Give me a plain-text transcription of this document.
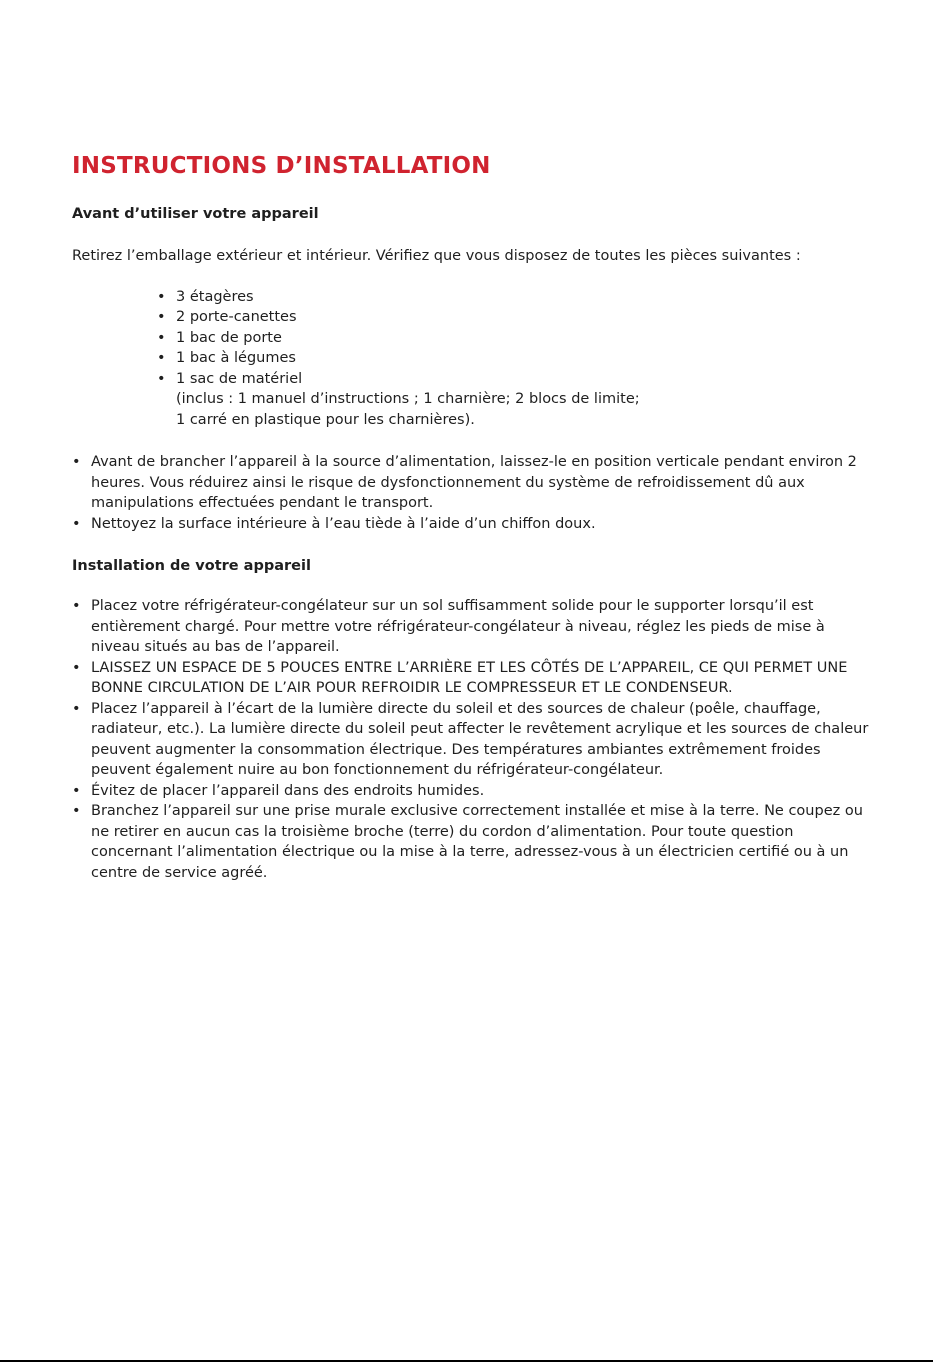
INSTRUCTIONS D’INSTALLATION
Avant d’utiliser votre appareil

Retirez l’emballage extérieur et intérieur. Vérifiez que vous disposez de toutes les pièces suivantes :

• 3 étagères
• 2 porte-canettes
• 1 bac de porte
• 1 bac à légumes
• 1 sac de matériel
(inclus : 1 manuel d’instructions ; 1 charnière; 2 blocs de limite;
1 carré en plastique pour les charnières).
• Avant de brancher l’appareil à la source d’alimentation, laissez-le en position verticale pendant environ 2 heures. Vous réduirez ainsi le risque de dysfonctionnement du système de refroidissement dû aux manipulations effectuées pendant le transport.
• Nettoyez la surface intérieure à l’eau tiède à l’aide d’un chiffon doux.
Installation de votre appareil
• Placez votre réfrigérateur-congélateur sur un sol suffisamment solide pour le supporter lorsqu’il est entièrement chargé. Pour mettre votre réfrigérateur-congélateur à niveau, réglez les pieds de mise à niveau situés au bas de l’appareil.
• LAISSEZ UN ESPACE DE 5 POUCES ENTRE L’ARRIÈRE ET LES CÔTÉS DE L’APPAREIL, CE QUI PERMET UNE BONNE CIRCULATION DE L’AIR POUR REFROIDIR LE COMPRESSEUR ET LE CONDENSEUR.
• Placez l’appareil à l’écart de la lumière directe du soleil et des sources de chaleur (poêle, chauffage, radiateur, etc.). La lumière directe du soleil peut affecter le revêtement acrylique et les sources de chaleur peuvent augmenter la consommation électrique. Des températures ambiantes extrêmement froides peuvent également nuire au bon fonctionnement du réfrigérateur-congélateur.
• Évitez de placer l’appareil dans des endroits humides.
• Branchez l’appareil sur une prise murale exclusive correctement installée et mise à la terre. Ne coupez ou ne retirer en aucun cas la troisième broche (terre) du cordon d’alimentation. Pour toute question concernant l’alimentation électrique ou la mise à la terre, adressez-vous à un électricien certifié ou à un centre de service agréé.
